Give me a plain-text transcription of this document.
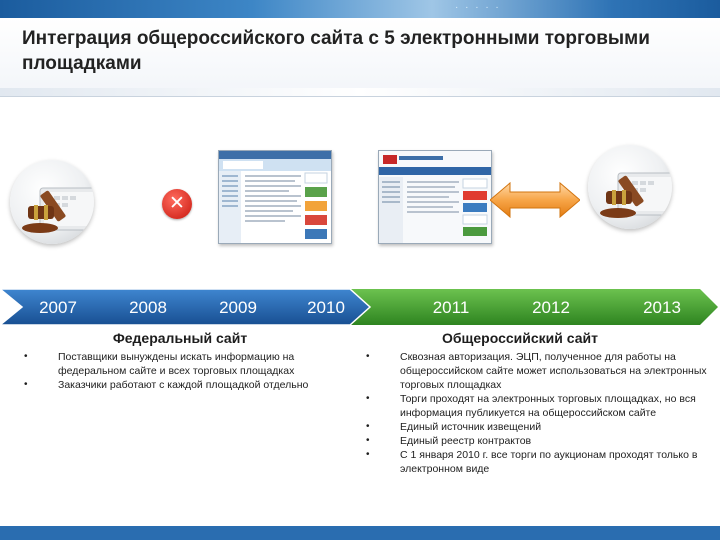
· · · · ·
Интеграция общероссийского сайта с 5 электронными торговыми площадками
✕
2007	2008	2009	2010	2011	2012	2013
Федеральный сайт	Общероссийский сайт
• Поставщики вынуждены искать информацию на федеральном сайте и всех торговых площадках
• Заказчики работают с каждой площадкой отдельно
• Сквозная авторизация. ЭЦП, полученное для работы на общероссийском сайте может использоваться на электронных торговых площадках
• Торги проходят на электронных торговых площадках, но вся информация публикуется на общероссийском сайте
• Единый источник извещений
• Единый реестр контрактов
• С 1 января 2010 г. все торги по аукционам проходят только в электронном виде
